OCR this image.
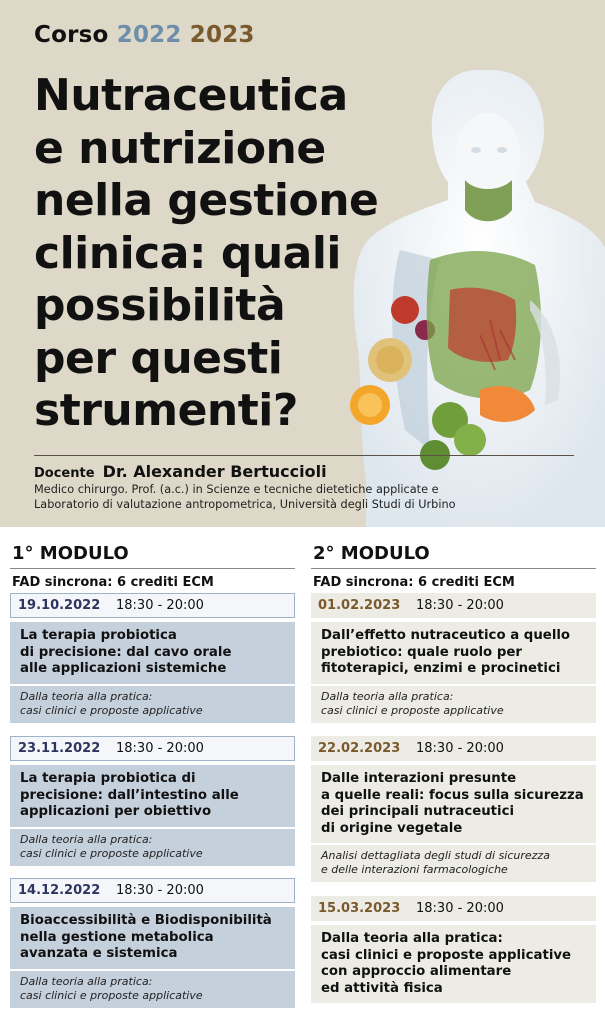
Corso 2022 2023
Nutraceutica
e nutrizione
nella gestione
clinica: quali
possibilità
per questi
strumenti?
Docente Dr. Alexander Bertuccioli
Medico chirurgo. Prof. (a.c.) in Scienze e tecniche dietetiche applicate e
Laboratorio di valutazione antropometrica, Università degli Studi di Urbino
1° MODULO
FAD sincrona: 6 crediti ECM
19.10.2022	18:30 - 20:00
La terapia probiotica
di precisione: dal cavo orale
alle applicazioni sistemiche
Dalla teoria alla pratica:
casi clinici e proposte applicative
23.11.2022	18:30 - 20:00
La terapia probiotica di
precisione: dall’intestino alle
applicazioni per obiettivo
Dalla teoria alla pratica:
casi clinici e proposte applicative
14.12.2022	18:30 - 20:00
Bioaccessibilità e Biodisponibilità
nella gestione metabolica
avanzata e sistemica
Dalla teoria alla pratica:
casi clinici e proposte applicative
2° MODULO
FAD sincrona: 6 crediti ECM
01.02.2023	18:30 - 20:00
Dall’effetto nutraceutico a quello
prebiotico: quale ruolo per
fitoterapici, enzimi e procinetici
Dalla teoria alla pratica:
casi clinici e proposte applicative
22.02.2023	18:30 - 20:00
Dalle interazioni presunte
a quelle reali: focus sulla sicurezza
dei principali nutraceutici
di origine vegetale
Analisi dettagliata degli studi di sicurezza
e delle interazioni farmacologiche
15.03.2023	18:30 - 20:00
Dalla teoria alla pratica:
casi clinici e proposte applicative
con approccio alimentare
ed attività fisica
